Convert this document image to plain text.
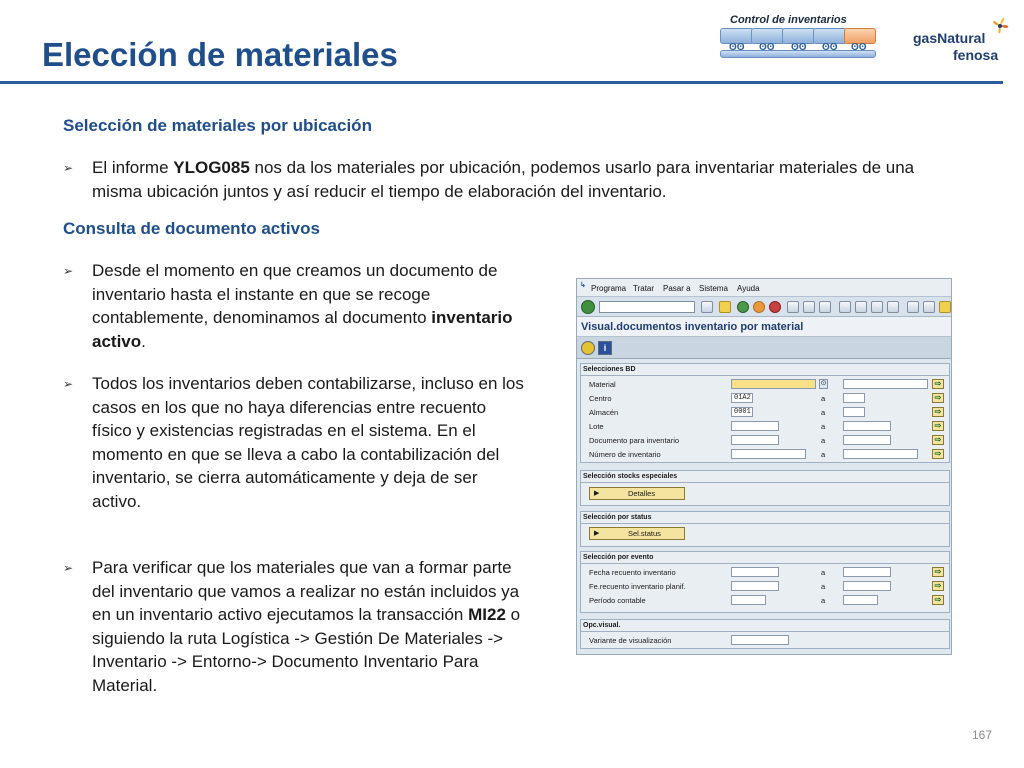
Elección de materiales
Control de inventarios
ʘʘ ʘʘ ʘʘ ʘʘ ʘʘ
gasNatural
fenosa
Selección de materiales por ubicación
➢ El informe YLOG085 nos da los materiales por ubicación, podemos usarlo para inventariar materiales de una misma ubicación juntos y así reducir el tiempo de elaboración del inventario.
Consulta de documento activos
➢ Desde el momento en que creamos un documento de inventario hasta el instante en que se recoge contablemente, denominamos al documento inventario activo.
➢ Todos los inventarios deben contabilizarse, incluso en los casos en los que no haya diferencias entre recuento físico y existencias registradas en el sistema. En el momento en que se lleva a cabo la contabilización del inventario, se cierra automáticamente y deja de ser activo.
➢ Para verificar que los materiales que van a formar parte del inventario que vamos a realizar no están incluidos ya en un inventario activo ejecutamos la transacción MI22 o siguiendo la ruta Logística -> Gestión De Materiales -> Inventario -> Entorno-> Documento Inventario Para Material.
167
↳ Programa Tratar Pasar a Sistema Ayuda
Visual.documentos inventario por material
i
Selecciones BD
Material	⊙	⇨
Centro	01A2	a	⇨
Almacén	0001	a	⇨
Lote	a	⇨
Documento para inventario	a	⇨
Número de inventario	a	⇨
Selección stocks especiales
▶	Detalles
Selección por status
▶	Sel.status
Selección por evento
Fecha recuento inventario	a	⇨
Fe.recuento inventario planif.	a	⇨
Período contable	a	⇨
Opc.visual.
Variante de visualización
